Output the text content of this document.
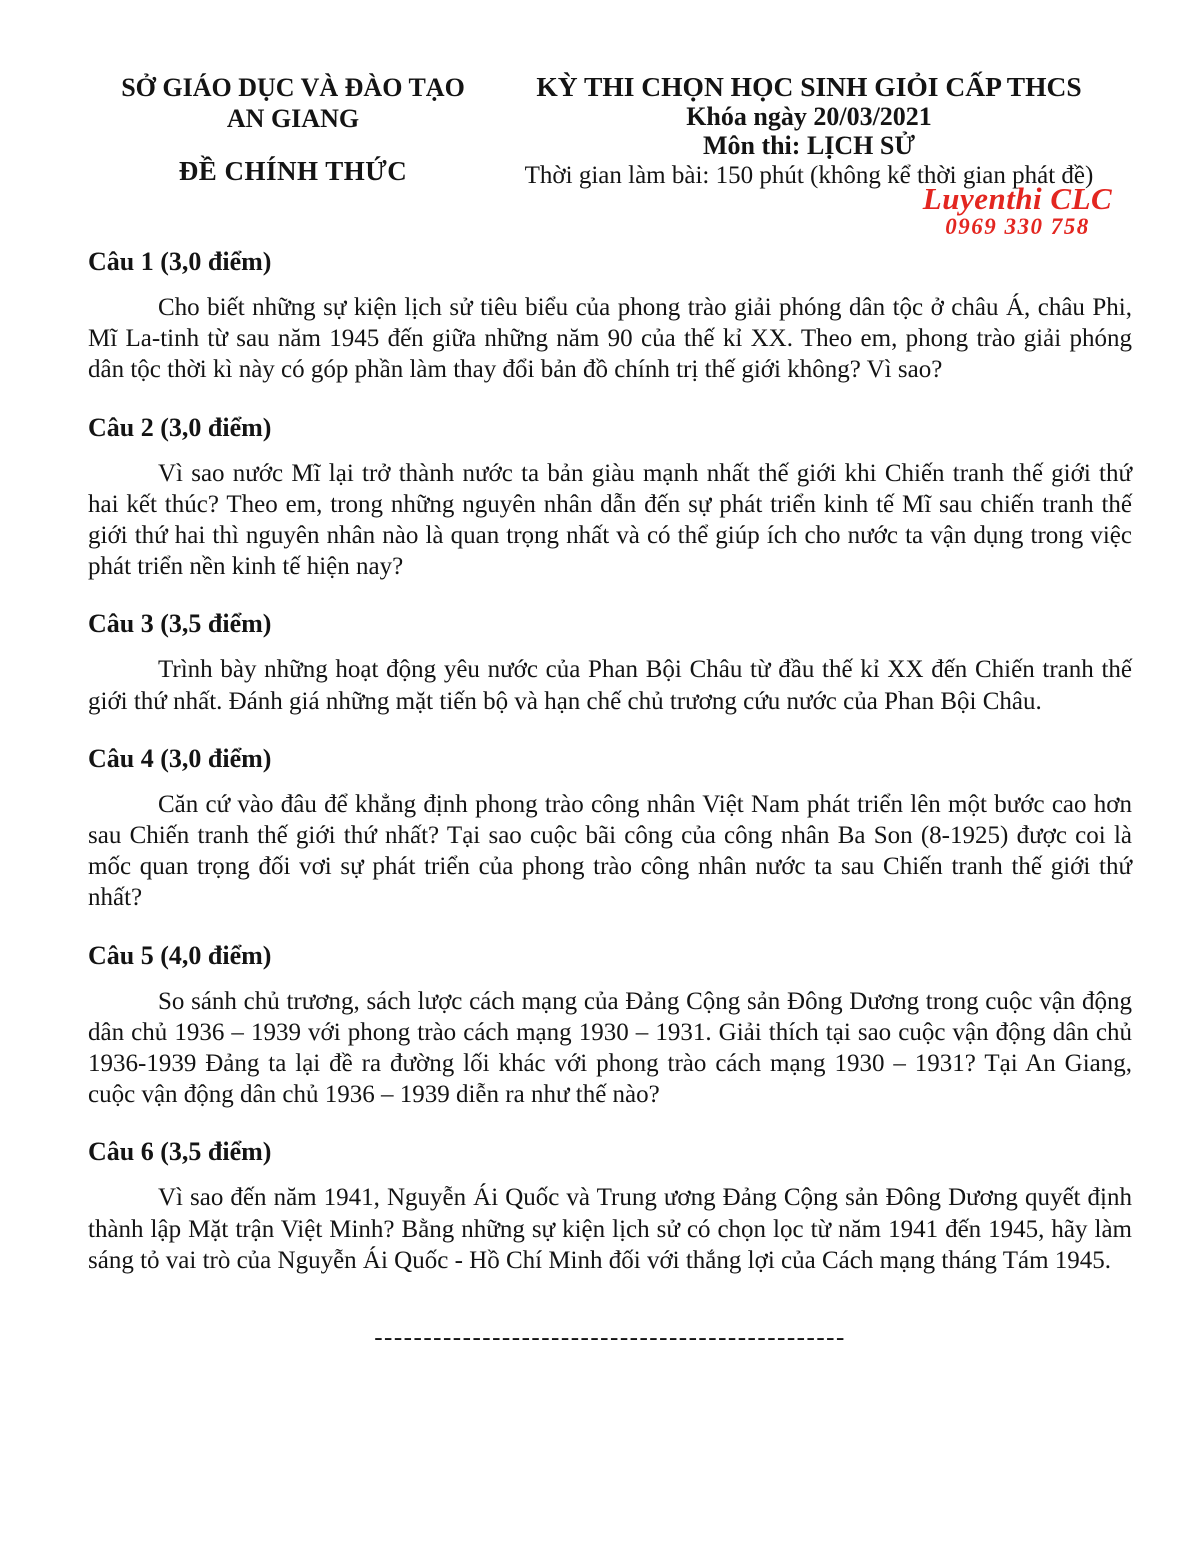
SỞ GIÁO DỤC VÀ ĐÀO TẠO
AN GIANG
ĐỀ CHÍNH THỨC
KỲ THI CHỌN HỌC SINH GIỎI CẤP THCS
Khóa ngày 20/03/2021
Môn thi: LỊCH SỬ
Thời gian làm bài: 150 phút (không kể thời gian phát đề)
Luyenthi CLC
0969 330 758
Câu 1 (3,0 điểm)
Cho biết những sự kiện lịch sử tiêu biểu của phong trào giải phóng dân tộc ở châu Á, châu Phi,
Mĩ La-tinh từ sau năm 1945 đến giữa những năm 90 của thế kỉ XX. Theo em, phong trào giải phóng
dân tộc thời kì này có góp phần làm thay đổi bản đồ chính trị thế giới không? Vì sao?
Câu 2 (3,0 điểm)
Vì sao nước Mĩ lại trở thành nước ta bản giàu mạnh nhất thế giới khi Chiến tranh thế giới thứ
hai kết thúc? Theo em, trong những nguyên nhân dẫn đến sự phát triển kinh tế Mĩ sau chiến tranh thế
giới thứ hai thì nguyên nhân nào là quan trọng nhất và có thể giúp ích cho nước ta vận dụng trong việc
phát triển nền kinh tế hiện nay?
Câu 3 (3,5 điểm)
Trình bày những hoạt động yêu nước của Phan Bội Châu từ đầu thế kỉ XX đến Chiến tranh thế
giới thứ nhất. Đánh giá những mặt tiến bộ và hạn chế chủ trương cứu nước của Phan Bội Châu.
Câu 4 (3,0 điểm)
Căn cứ vào đâu để khẳng định phong trào công nhân Việt Nam phát triển lên một bước cao hơn
sau Chiến tranh thế giới thứ nhất? Tại sao cuộc bãi công của công nhân Ba Son (8-1925) được coi là
mốc quan trọng đối vơi sự phát triển của phong trào công nhân nước ta sau Chiến tranh thế giới thứ
nhất?
Câu 5 (4,0 điểm)
So sánh chủ trương, sách lược cách mạng của Đảng Cộng sản Đông Dương trong cuộc vận động
dân chủ 1936 – 1939 với phong trào cách mạng 1930 – 1931. Giải thích tại sao cuộc vận động dân chủ
1936-1939 Đảng ta lại đề ra đường lối khác với phong trào cách mạng 1930 – 1931? Tại An Giang,
cuộc vận động dân chủ 1936 – 1939 diễn ra như thế nào?
Câu 6 (3,5 điểm)
Vì sao đến năm 1941, Nguyễn Ái Quốc và Trung ương Đảng Cộng sản Đông Dương quyết định
thành lập Mặt trận Việt Minh? Bằng những sự kiện lịch sử có chọn lọc từ năm 1941 đến 1945, hãy làm
sáng tỏ vai trò của Nguyễn Ái Quốc - Hồ Chí Minh đối với thắng lợi của Cách mạng tháng Tám 1945.
------------------------------------------------
